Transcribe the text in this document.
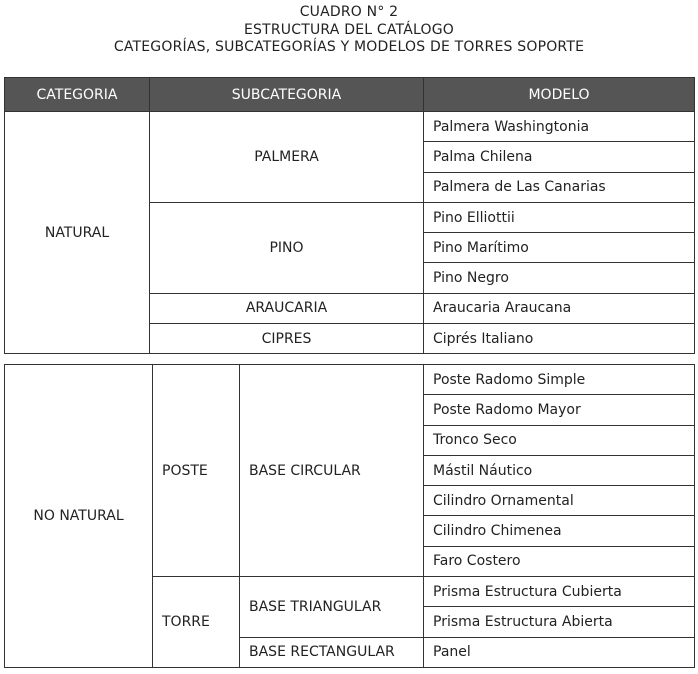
CUADRO N° 2
ESTRUCTURA DEL CATÁLOGO
CATEGORÍAS, SUBCATEGORÍAS Y MODELOS DE TORRES SOPORTE
CATEGORIA	SUBCATEGORIA	MODELO
NATURAL	PALMERA	Palmera Washingtonia
		Palma Chilena
		Palmera de Las Canarias
	PINO	Pino Elliottii
		Pino Marítimo
		Pino Negro
	ARAUCARIA	Araucaria Araucana
	CIPRES	Ciprés Italiano
NO NATURAL	POSTE	BASE CIRCULAR	Poste Radomo Simple
			Poste Radomo Mayor
			Tronco Seco
			Mástil Náutico
			Cilindro Ornamental
			Cilindro Chimenea
			Faro Costero
	TORRE	BASE TRIANGULAR	Prisma Estructura Cubierta
			Prisma Estructura Abierta
		BASE RECTANGULAR	Panel
